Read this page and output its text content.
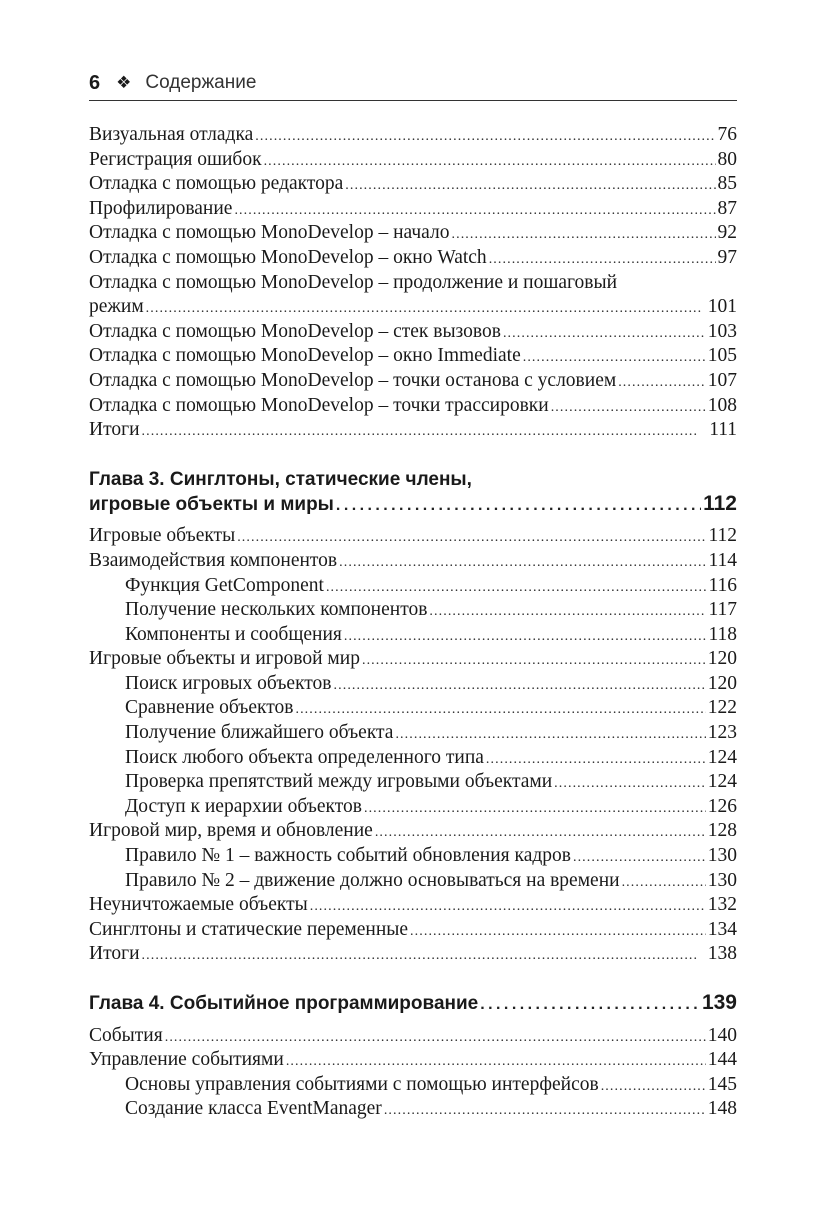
6 ❖ Содержание
Визуальная отладка . . .	76
Регистрация ошибок . . .	80
Отладка с помощью редактора . . .	85
Профилирование . . .	87
Отладка с помощью MonoDevelop – начало . . .	92
Отладка с помощью MonoDevelop – окно Watch . . .	97
Отладка с помощью MonoDevelop – продолжение и пошаговый
режим . . .	101
Отладка с помощью MonoDevelop – стек вызовов . . .	103
Отладка с помощью MonoDevelop – окно Immediate . . .	105
Отладка с помощью MonoDevelop – точки останова с условием . . .	107
Отладка с помощью MonoDevelop – точки трассировки . . .	108
Итоги . . .	111
Глава 3. Синглтоны, статические члены,
игровые объекты и миры . . .	112
Игровые объекты . . .	112
Взаимодействия компонентов . . .	114
Функция GetComponent . . .	116
Получение нескольких компонентов . . .	117
Компоненты и сообщения . . .	118
Игровые объекты и игровой мир . . .	120
Поиск игровых объектов . . .	120
Сравнение объектов . . .	122
Получение ближайшего объекта . . .	123
Поиск любого объекта определенного типа . . .	124
Проверка препятствий между игровыми объектами . . .	124
Доступ к иерархии объектов . . .	126
Игровой мир, время и обновление . . .	128
Правило № 1 – важность событий обновления кадров . . .	130
Правило № 2 – движение должно основываться на времени . . .	130
Неуничтожаемые объекты . . .	132
Синглтоны и статические переменные . . .	134
Итоги . . .	138
Глава 4. Событийное программирование . . .	139
События . . .	140
Управление событиями . . .	144
Основы управления событиями с помощью интерфейсов . . .	145
Создание класса EventManager . . .	148
